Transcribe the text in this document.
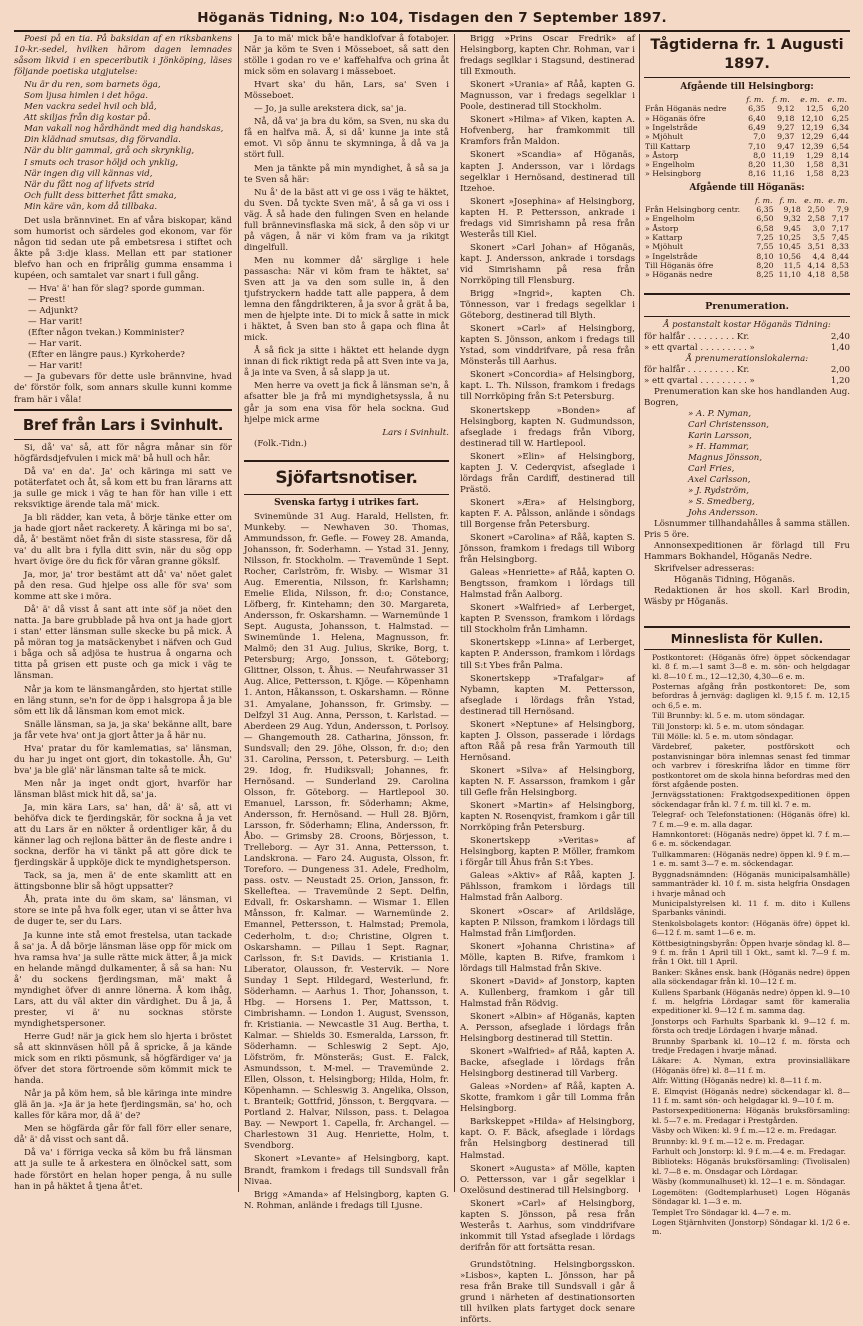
Höganäs Tidning, N:o 104, Tisdagen den 7 September 1897.

Poesi på en tia. På baksidan af en riksbankens 10-kr.-sedel, hvilken härom dagen lemnades såsom likvid i en speceributik i Jönköping, läses följande poetiska utgjutelse:

Nu är du ren, som barnets öga,
Som ljusa himlen i det höga.
Men vackra sedel hvil och blå,
Att skiljas från dig kostar på.
Man vakall nog hårdhändt med dig handskas,
Din klädnad smutsas, dig förvandla.
När du blir gammal, grå och skrynklig,
I smuts och trasor höljd och ynklig,
När ingen dig vill kännas vid,
När du fått nog af lifvets strid
Och fullt dess bitterhet fått smaka,
Min käre vän, kom då tillbaka.

Det usla brännvinet. En af våra biskopar, känd som humorist och särdeles god ekonom, var för någon tid sedan ute på embetsresa i stiftet och åkte på 3:dje klass. Mellan ett par stationer blefvo han och en friprålig gumma ensamma i kupéen, och samtalet var snart i full gång.

— Hva' ä' han för slag? sporde gumman.
— Prest!
— Adjunkt?
— Har varit!
(Efter någon tvekan.) Komminister?
— Har varit.
(Efter en längre paus.) Kyrkoherde?
— Har varit!

— Ja gubevars för dette usle brännvine, hvad de' förstör folk, som annars skulle kunni komme fram här i våla!

Bref från Lars i Svinhult.

Si, då' va' så, att för några månar sin för högfärdsdjefvulen i mick mä' bå hull och hår.

Då va' en da'. Ja' och käringa mi satt ve potäterfatet och åt, så kom ett bu fran lärarns att ja sulle ge mick i väg te han för han ville i ett reksviktige ärende tala mä' mick.

Ja bli rädder, kan veta, å börje tänke etter om ja hade gjort nået rackerety. Å käringa mi bo sa', då, å' bestämt nöet från di siste stassresa, för då va' du allt bra i fylla ditt svin, när du sög opp hvart övige öre du fick för våran granne gökslf.

Ja, mor, ja' tror bestämt att då' va' nöet galet på den resa. Gud hjelpe oss alle för sva' som komme att ske i möra.

Då' ä' då visst å sant att inte söf ja nöet den natta. Ja bare grubblade på hva ont ja hade gjort i stan' etter länsman sulle skecke bu på mick. Å på möran tog ja matsäckenybet i näfven och Gud i båga och så adjösa te hustrua å ongarna och titta på grisen ett puste och ga mick i väg te länsman.

Når ja kom te länsmangården, sto hjertat stille en läng stunn, se'n for de öpp i halsgropa å ja ble söm ett lik då länsman kom emot mick.

Snälle länsman, sa ja, ja ska' bekänne allt, bare ja får vete hva' ont ja gjort åtter ja å här nu.

Hva' pratar du för kamlematias, sa' länsman, du har ju inget ont gjort, din tokastolle. Åh, Gu' bva' ja ble glä' när länsman talte så te mick.

Men når ja inget ondt gjort, hvarför har länsman bläst mick hit då, sa' ja.

Ja, min kära Lars, sa' han, då' ä' så, att vi behöfva dick te fjerdingskär, för sockna å ja vet att du Lars är en nökter å ordentliger kär, å du känner lag och rejlona bätter än de fleste andre i sockna, derför ha vi tänkt på att göre dick te fjerdingskär å uppköje dick te myndighetsperson.

Tack, sa ja, men ä' de ente skamlitt att en ättingsbonne blir så högt uppsatter?

Åh, prata inte du öm skam, sa' länsman, vi store se inte på hva folk eger, utan vi se åtter hva de duger te, ser du Lars.

Ja kunne inte stå emot frestelsa, utan tackade å sa' ja. Å då börje länsman läse opp för mick om hva ramsa hva' ja sulle rätte mick ätter, å ja mick en helande mängd dulkamenter, å så sa han: Nu å' du sockens fjerdingsman, mä' makt å myndighet öfver di annre lönerna. Å kom ihåg, Lars, att du väl akter din värdighet. Du å ja, å prester, vi ä' nu socknas störste myndighetspersoner.

Herre Gud! när ja gick hem slo hjerta i bröstet så att skinnväsen höll på å spricke, å ja kände mick som en rikti pösmunk, så högfärdiger va' ja öfver det stora förtroende söm kömmit mick te handa.

Når ja på köm hem, så ble käringa inte mindre glä än ja. »Ja är ja hete fjerdingsmän, sa' ho, och kalles för kära mor, då ä' de?

Men se högfärda går för fall förr eller senare, då' ä' då visst och sant då.

Då va' i förriga vecka så köm bu frå länsman att ja sulle te å arkestera en ölnöckel satt, som hade förstört en helan hoper penga, å nu sulle han in på häktet å tjena åt'et.

Ja to mä' mick bå'e handklofvar å fotabojer. När ja köm te Sven i Mösseboet, så satt den stölle i godan ro ve e' kaffehalfva och grina åt mick söm en solavarg i mässeboet.

Hvart ska' du hän, Lars, sa' Sven i Mösseboet.

— Jo, ja sulle arekstera dick, sa' ja.

Nå, då va' ja bra du köm, sa Sven, nu ska du få en halfva mä. Å, si då' kunne ja inte stå emot. Vi söp ännu te skymninga, å då va ja stört full.

Men ja tänkte på min myndighet, å så sa ja te Sven så här:

Nu å' de la bäst att vi ge oss i väg te häktet, du Sven. Då tyckte Sven mä', å så ga vi oss i väg. Å så hade den fulingen Sven en helande full brännevinsflaska mä sick, å den söp vi ur på vägen, å när vi köm fram va ja rikitgt dingelfull.

Men nu kommer då' särglige i hele passascha: När vi köm fram te häktet, sa' Sven att ja va den som sulle in, å den tjufstryckern hadde tatt alle pappera, å dem lemna den fångdrikteren, å ja svor å grät å ba, men de hjelpte inte. Di to mick å satte in mick i häktet, å Sven ban sto å gapa och flina åt mick.

Å så fick ja sitte i häktet ett helande dygn innan di fick riktigt reda på att Sven inte va ja, å ja inte va Sven, å så slapp ja ut.

Men herre va ovett ja fick å länsman se'n, å afsatter ble ja frå mi myndighetsyssla, å nu går ja som ena visa för hela sockna. Gud hjelpe mick arme

Lars i Svinhult.
(Folk.-Tidn.)
Sjöfartsnotiser.
Svenska fartyg i utrikes fart.

Svinemünde 31 Aug. Harald, Hellsten, fr. Munkeby. — Newhaven 30. Thomas, Ammundsson, fr. Gefle. — Fowey 28. Amanda, Johansson, fr. Soderhamn. — Ystad 31. Jenny, Nilsson, fr. Stockholm. — Travemünde 1 Sept. Rocher, Carlström, fr. Wisby. — Wismar 31 Aug. Emerentia, Nilsson, fr. Karlshamn; Emelie Elida, Nilsson, fr. d:o; Constance, Löfberg, fr. Kintehamn; den 30. Margareta, Andersson, fr. Oskarshamn. — Warnemünde 1 Sept. Augusta, Johansson, t. Halmstad. — Swinemünde 1. Helena, Magnusson, fr. Malmö; den 31 Aug. Julius, Skrike, Borg, t. Petersburg; Argo, Jonsson, t. Göteborg; Glittner, Olsson, t. Åhus. — Neufahrwasser 31 Aug. Alice, Pettersson, t. Kjöge. — Köpenhamn 1. Anton, Håkansson, t. Oskarshamn. — Rönne 31. Amyalane, Johansson, fr. Grimsby. — Delfzyl 31 Aug. Anna, Persson, t. Karlstad. — Aberdeen 29 Aug. Ydun, Andersson, t. Porlsoy. — Ghangemouth 28. Catharina, Jönsson, fr. Sundsvall; den 29. Jöhe, Olsson, fr. d:o; den 31. Carolina, Persson, t. Petersburg. — Leith 29. Idog, fr. Hudiksvall; Johannes, fr. Hernösand. — Sunderland 29. Carolina Olsson, fr. Göteborg. — Hartlepool 30. Emanuel, Larsson, fr. Söderhamn; Akme, Andersson, fr. Hernösand. — Hull 28. Björn, Larsson, fr. Söderhamn; Elina, Andersson, fr. Åbo. — Grimsby 28. Croons, Börjesson, t. Trelleborg. — Ayr 31. Anna, Pettersson, t. Landskrona. — Faro 24. Augusta, Olsson, fr. Toreforo. — Dungeness 31. Adele, Fredholm, pass. ostv. — Neustadt 25. Orion, Jansson, fr. Skelleftea. — Travemünde 2 Sept. Delfin, Edvall, fr. Oskarshamn. — Wismar 1. Ellen Månsson, fr. Kalmar. — Warnemünde 2. Emannel, Pettersson, t. Halmstad; Premola, Cederholm, t. d:o; Christine, Olgren t. Oskarshamn. — Pillau 1 Sept. Ragnar, Carlsson, fr. S:t Davids. — Kristiania 1. Liberator, Olausson, fr. Vestervik. — Nore Sunday 1 Sept. Hildegard, Westerlund, fr. Söderhamn. — Aarhus 1. Thor, Johansson, t. Hbg. — Horsens 1. Per, Mattsson, t. Cimbrishamn. — London 1. August, Svensson, fr. Kristiania. — Newcastle 31 Aug. Bertha, t. Kalmar. — Shields 30. Esmeralda, Larsson, fr. Söderhamn. — Schleswig 2 Sept. Ajo, Löfström, fr. Mönsteräs; Gust. E. Falck, Asmundsson, t. M-mel. — Travemünde 2. Ellen, Olsson, t. Helsingborg; Hilda, Holm, fr. Köpenhamn. — Schleswig 3. Angelika, Olsson, t. Branteik; Gottfrid, Jönsson, t. Bergqvara. — Portland 2. Halvar, Nilsson, pass. t. Delagoa Bay. — Newport 1. Capella, fr. Archangel. — Charlestown 31 Aug. Henriette, Holm, t. Svendborg.

Skonert »Levante» af Helsingborg, kapt. Brandt, framkom i fredags till Sundsvall från Nivaa.

Brigg »Amanda» af Helsingborg, kapten G. N. Rohman, anlände i fredags till Ljusne.

Brigg »Prins Oscar Fredrik» af Helsingborg, kapten Chr. Rohman, var i fredags seglklar i Stagsund, destinerad till Exmouth.

Skonert »Urania» af Råå, kapten G. Magnusson, var i fredags segelklar i Poole, destinerad till Stockholm.

Skonert »Hilma» af Viken, kapten A. Hofvenberg, har framkommit till Kramfors från Maldon.

Skonert »Scandia» af Höganäs, kapten J. Andersson, var i lördags segelklar i Hernösand, destinerad till Itzehoe.

Skonert »Josephina» af Helsingborg, kapten H. P. Pettersson, ankrade i fredags vid Simrishamn på resa från Westerås till Kiel.

Skonert »Carl Johan» af Höganäs, kapt. J. Andersson, ankrade i torsdags vid Simrishamn på resa från Norrköping till Flensburg.

Brigg »Ingrid», kapten Ch. Tönnesson, var i fredags segelklar i Göteborg, destinerad till Blyth.

Skonert »Carl» af Helsingborg, kapten S. Jönsson, ankom i fredags till Ystad, som vinddrifvare, på resa från Mönsterås till Aarhus.

Skonert »Concordia» af Helsingborg, kapt. L. Th. Nilsson, framkom i fredags till Norrköping från S:t Petersburg.

Skonertskepp »Bonden» af Helsingborg, kapten N. Gudmundsson, afseglade i fredags från Viborg, destinerad till W. Hartlepool.

Skonert »Elin» af Helsingborg, kapten J. V. Cederqvist, afseglade i lördags från Cardiff, destinerad till Prästö.

Skonert »Æra» af Helsingborg, kapten F. A. Pålsson, anlände i söndags till Borgense från Petersburg.

Skonert »Carolina» af Råå, kapten S. Jönsson, framkom i fredags till Wiborg från Helsingborg.

Galeas »Henriette» af Råå, kapten O. Bengtsson, framkom i lördags till Halmstad från Aalborg.

Skonert »Walfried» af Lerberget, kapten P. Svensson, framkom i lördags till Stockholm från Limhamn.

Skonertskepp »Linna» af Lerberget, kapten P. Andersson, framkom i lördags till S:t Ybes från Palma.

Skonertskepp »Trafalgar» af Nybamn, kapten M. Pettersson, afseglade i lördags från Ystad, destinerad till Hernösand.

Skonert »Neptune» af Helsingborg, kapten J. Olsson, passerade i lördags afton Råå på resa från Yarmouth till Hernösand.

Skonert »Silva» af Helsingborg, kapten N. F. Assarsson, framkom i går till Gefle från Helsingborg.

Skonert »Martin» af Helsingborg, kapten N. Rosenqvist, framkom i går till Norrköping från Petersburg.

Skonertskepp »Veritas» af Helsingborg, kapten P. Möller, framkom i förgår till Åhus från S:t Ybes.

Galeas »Aktiv» af Råå, kapten J. Pählsson, framkom i lördags till Halmstad från Aalborg.

Skonert »Oscar» af Arildsläge, kapten P. Nilsson, framkom i lördags till Halmstad från Limfjorden.

Skonert »Johanna Christina» af Mölle, kapten B. Rifve, framkom i lördags till Halmstad från Skive.

Skonert »David» af Jonstorp, kapten A. Kullenberg, framkom i går till Halmstad från Rödvig.

Skonert »Albin» af Höganäs, kapten A. Persson, afseglade i lördags från Helsingborg destinerad till Stettin.

Skonert »Walfried» af Råå, kapten A. Backe, afseglade i lördags från Helsingborg destinerad till Varberg.

Galeas »Norden» af Råå, kapten A. Skotte, framkom i går till Lomma från Helsingborg.

Barkskeppet »Hilda» af Helsingborg, kapt. O. F. Bäck, afseglade i lördags från Helsingborg destinerad till Halmstad.

Skonert »Augusta» af Mölle, kapten O. Pettersson, var i går segelklar i Oxelösund destinerad till Helsingborg.

Skonert »Carl» af Helsingborg, kapten S. Jönsson, på resa från Westerås t. Aarhus, som vinddrifvare inkommit till Ystad afseglade i lördags derifrån för att fortsätta resan.

Grundstötning. Helsingborgsskon. »Lisbos», kapten L. Jönsson, har på resa från Brake till Sundsvall i går å grund i närheten af destinationsorten till hvilken plats fartyget dock senare införts.

Tågtiderna fr. 1 Augusti 1897.
Afgående till Helsingborg:
	f. m.	f. m.	e. m.	e. m.
Från Höganäs nedre	6,35	9,12	12,5	6,20
» Höganäs öfre	6,40	9,18	12,10	6,25
» Ingelstråde	6,49	9,27	12,19	6,34
» Mjöhult	7,0	9,37	12,29	6,44
Till Kattarp	7,10	9,47	12,39	6,54
» Åstorp	8,0	11,19	1,29	8,14
» Engelholm	8,20	11,30	1,58	8,31
» Helsingborg	8,16	11,16	1,58	8,23
Afgående till Höganäs:
	f. m.	f. m.	e. m.	e. m.
Från Helsingborg centr.	6,35	9,18	2,50	7,9
» Engelholm	6,50	9,32	2,58	7,17
» Åstorp	6,58	9,45	3,0	7,17
» Kattarp	7,25	10,25	3,5	7,45
» Mjöhult	7,55	10,45	3,51	8,33
» Ingelstråde	8,10	10,56	4,4	8,44
Till Höganäs öfre	8,20	11,5	4,14	8,53
» Höganäs nedre	8,25	11,10	4,18	8,58
Prenumeration.
Å postanstalt kostar Höganäs Tidning:
för halfår . . . . . . . . . Kr.	2,40
» ett qvartal . . . . . . . . . »	1,40
Å prenumerationslokalerna:
för halfår . . . . . . . . . Kr.	2,00
» ett qvartal . . . . . . . . . »	1,20
Prenumeration kan ske hos handlanden Aug. Bogren,
» A. P. Nyman,
Carl Christensson,
Karin Larsson,
» H. Hammar,
Magnus Jönsson,
Carl Fries,
Axel Carlsson,
» J. Rydström,
» S. Smedberg,
Johs Andersson.
Lösnummer tillhandahålles å samma ställen. Pris 5 öre.
Annonsexpeditionen är förlagd till Fru Hammars Bokhandel, Höganäs Nedre.
Skrifvelser adresseras:
Höganäs Tidning, Höganäs.
Redaktionen är hos skoll. Karl Brodin, Wäsby pr Höganäs.
Minneslista för Kullen.

Postkontoret: (Höganäs öfre) öppet söckendagar kl. 8 f. m.—1 samt 3—8 e. m. sön- och helgdagar kl. 8—10 f. m., 12—12,30, 4,30—6 e. m.

Posternas afgång från postkontoret: De, som befordras å jernväg: dagligen kl. 9,15 f. m. 12,15 och 6,5 e. m.

Till Brunnby: kl. 5 e. m. utom söndagar.

Till Jonstorp: kl. 5 e. m. utom söndagar.

Till Mölle: kl. 5 e. m. utom söndagar.

Värdebref, paketer, postförskott och postanvisningar böra inlemnas senast fed timmar och varbrev i föreskrifna lådor en timme förr postkontoret om de skola hinna befordras med den först afgående posten.

Jernvägsstationen: Fraktgodsexpeditionen öppen söckendagar från kl. 7 f. m. till kl. 7 e. m.

Telegraf- och Telefonstationen: (Höganäs öfre) kl. 7 f. m.—9 e. m. alla dagar.

Hamnkontoret: (Höganäs nedre) öppet kl. 7 f. m.—6 e. m. söckendagar.

Tullkammaren: (Höganäs nedre) öppen kl. 9 f. m.—1 e. m. samt 3—7 e. m. söckendagar.

Byggnadsnämnden: (Höganäs municipalsamhälle) sammanträder kl. 10 f. m. sista helgfria Onsdagen i hvarje månad och

Municipalstyrelsen kl. 11 f. m. dito i Kullens Sparbanks vänindi.

Stenkolsbolagets kontor: (Höganäs öfre) öppet kl. 6—12 f. m. samt 1—6 e. m.

Köttbesigtningsbyrån: Öppen hvarje söndag kl. 8—9 f. m. från 1 April till 1 Okt., samt kl. 7—9 f. m. från 1 Okt. till 1 April.

Banker: Skånes ensk. bank (Höganäs nedre) öppen alla söckendagar från kl. 10—12 f. m.

Kullens Sparbank (Höganäs nedre) öppen kl. 9—10 f. m. helgfria Lördagar samt för kameralia expeditioner kl. 9—12 f. m. samma dag.

Jonstorps och Farhults Sparbank kl. 9—12 f. m. första och tredje Lördagen i hvarje månad.

Brunnby Sparbank kl. 10—12 f. m. första och tredje Fredagen i hvarje månad.

Läkare: A. Nyman, extra provinsialläkare (Höganäs öfre) kl. 8—11 f. m.

Alfr. Witting (Höganäs nedre) kl. 8—11 f. m.

E. Elmqvist (Höganäs nedre) söckendagar kl. 8—11 f. m. samt sön- och helgdagar kl. 9—10 f. m.

Pastorsexpeditionerna: Höganäs bruksförsamling: kl. 5—7 e. m. Fredagar i Prestgården.

Väsby och Wiken: kl. 9 f. m.—12 e. m. Fredagar.

Brunnby: kl. 9 f. m.—12 e. m. Fredagar.

Farhult och Jonstorp: kl. 9 f. m.—4 e. m. Fredagar.

Biblioteks: Höganäs bruksförsamling: (Tivolisalen) kl. 7—8 e. m. Onsdagar och Lördagar.

Wäsby (kommunalhuset) kl. 12—1 e. m. Söndagar.

Logemöten: (Godtemplarhuset) Logen Höganäs Söndagar kl. 1—3 e. m.

Templet Tro Söndagar kl. 4—7 e. m.

Logen Stjärnhviten (Jonstorp) Söndagar kl. 1/2 6 e. m.
